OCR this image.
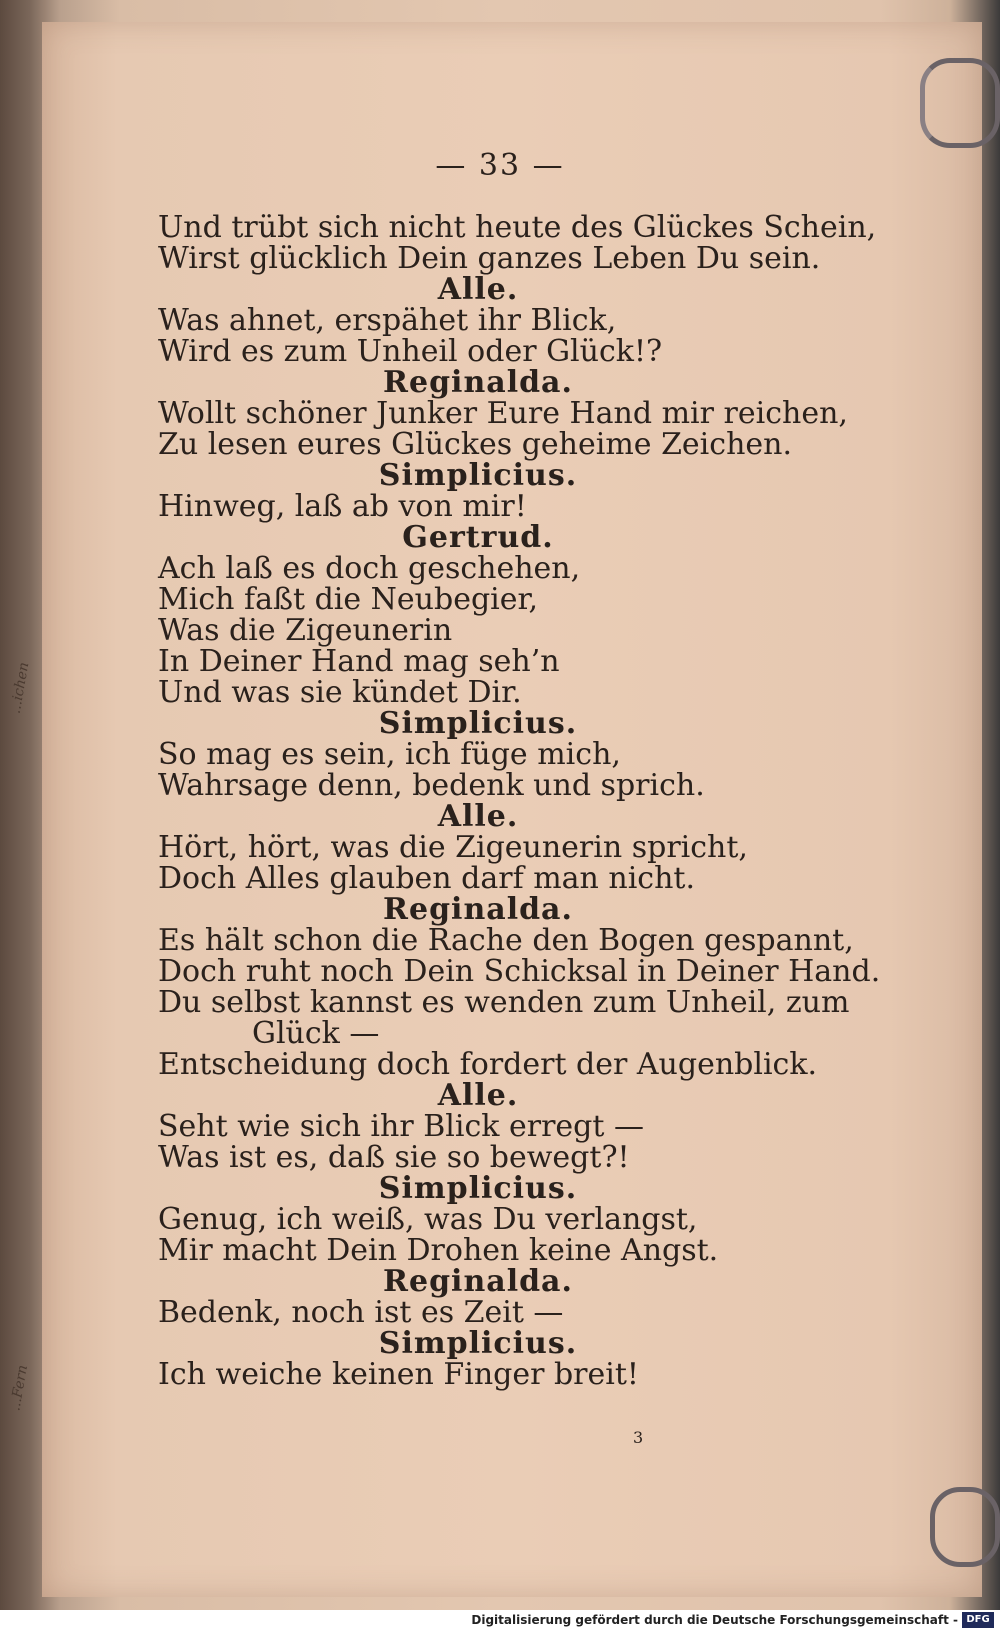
...ichen
...Fern
— 33 —
Und trübt sich nicht heute des Glückes Schein,
Wirst glücklich Dein ganzes Leben Du sein.
Alle.
Was ahnet, erspähet ihr Blick,
Wird es zum Unheil oder Glück!?
Reginalda.
Wollt schöner Junker Eure Hand mir reichen,
Zu lesen eures Glückes geheime Zeichen.
Simplicius.
Hinweg, laß ab von mir!
Gertrud.
Ach laß es doch geschehen,
Mich faßt die Neubegier,
Was die Zigeunerin
In Deiner Hand mag seh’n
Und was sie kündet Dir.
Simplicius.
So mag es sein, ich füge mich,
Wahrsage denn, bedenk und sprich.
Alle.
Hört, hört, was die Zigeunerin spricht,
Doch Alles glauben darf man nicht.
Reginalda.
Es hält schon die Rache den Bogen gespannt,
Doch ruht noch Dein Schicksal in Deiner Hand.
Du selbst kannst es wenden zum Unheil, zum
Glück —
Entscheidung doch fordert der Augenblick.
Alle.
Seht wie sich ihr Blick erregt —
Was ist es, daß sie so bewegt?!
Simplicius.
Genug, ich weiß, was Du verlangst,
Mir macht Dein Drohen keine Angst.
Reginalda.
Bedenk, noch ist es Zeit —
Simplicius.
Ich weiche keinen Finger breit!
3
Digitalisierung gefördert durch die Deutsche Forschungsgemeinschaft - DFG
